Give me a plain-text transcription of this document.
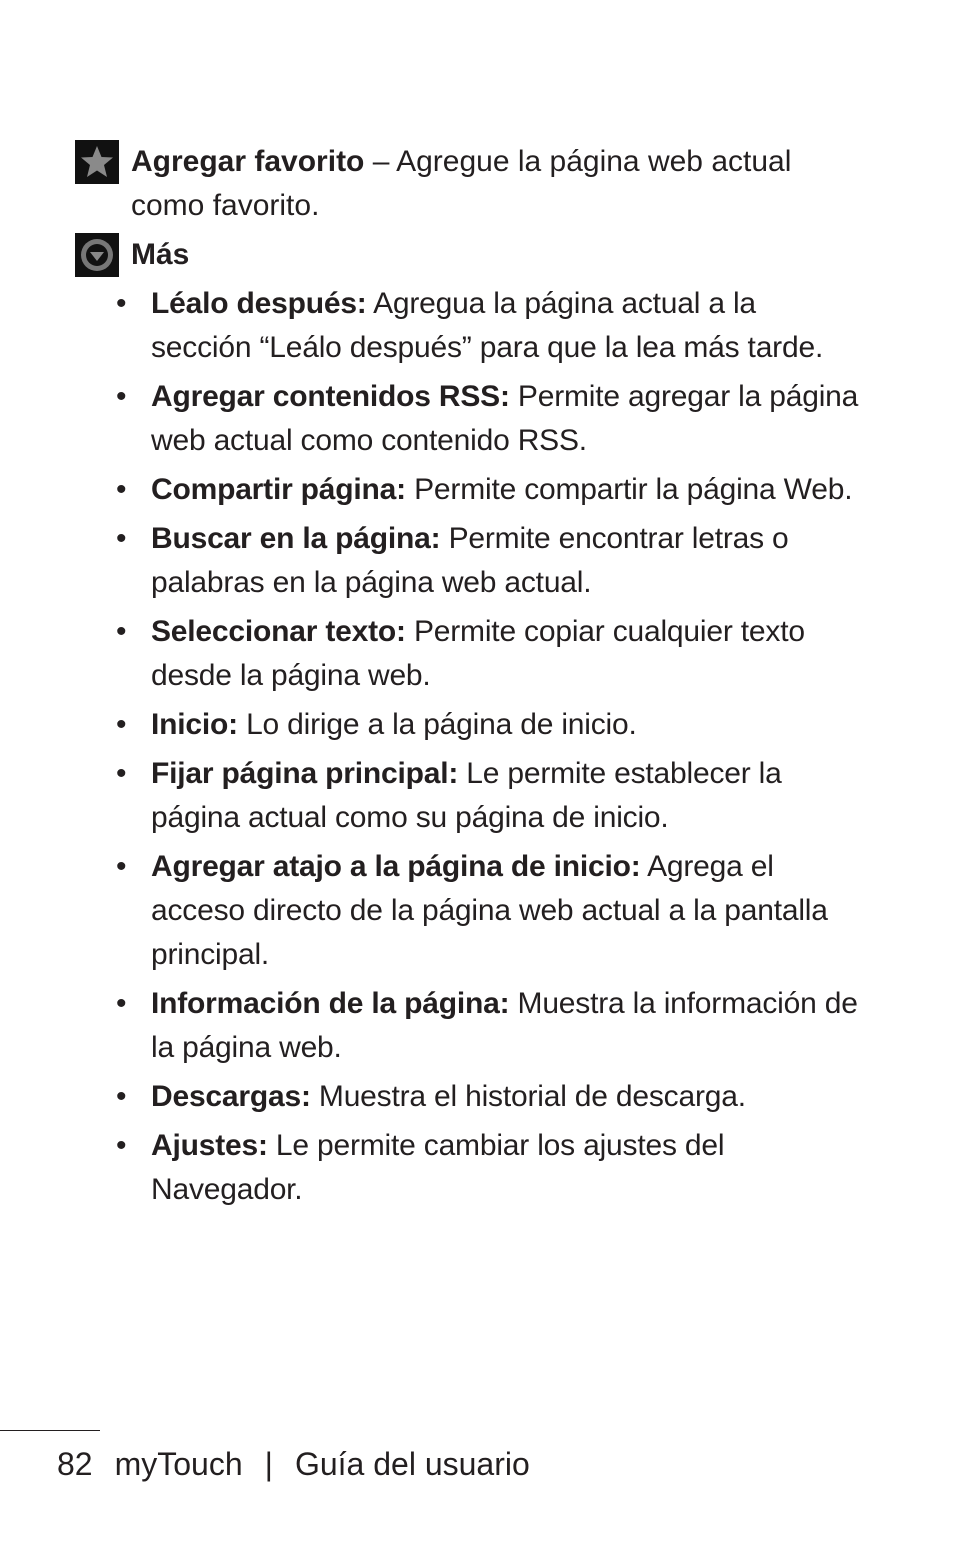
Agregar favorito – Agregue la página web actual como favorito.
Más
• Léalo después: Agregua la página actual a la sección “Leálo después” para que la lea más tarde.
• Agregar contenidos RSS: Permite agregar la página web actual como contenido RSS.
• Compartir página: Permite compartir la página Web.
• Buscar en la página: Permite encontrar letras o palabras en la página web actual.
• Seleccionar texto: Permite copiar cualquier texto desde la página web.
• Inicio: Lo dirige a la página de inicio.
• Fijar página principal: Le permite establecer la página actual como su página de inicio.
• Agregar atajo a la página de inicio: Agrega el acceso directo de la página web actual a la pantalla principal.
• Información de la página: Muestra la información de la página web.
• Descargas: Muestra el historial de descarga.
• Ajustes: Le permite cambiar los ajustes del Navegador.
82 myTouch | Guía del usuario
